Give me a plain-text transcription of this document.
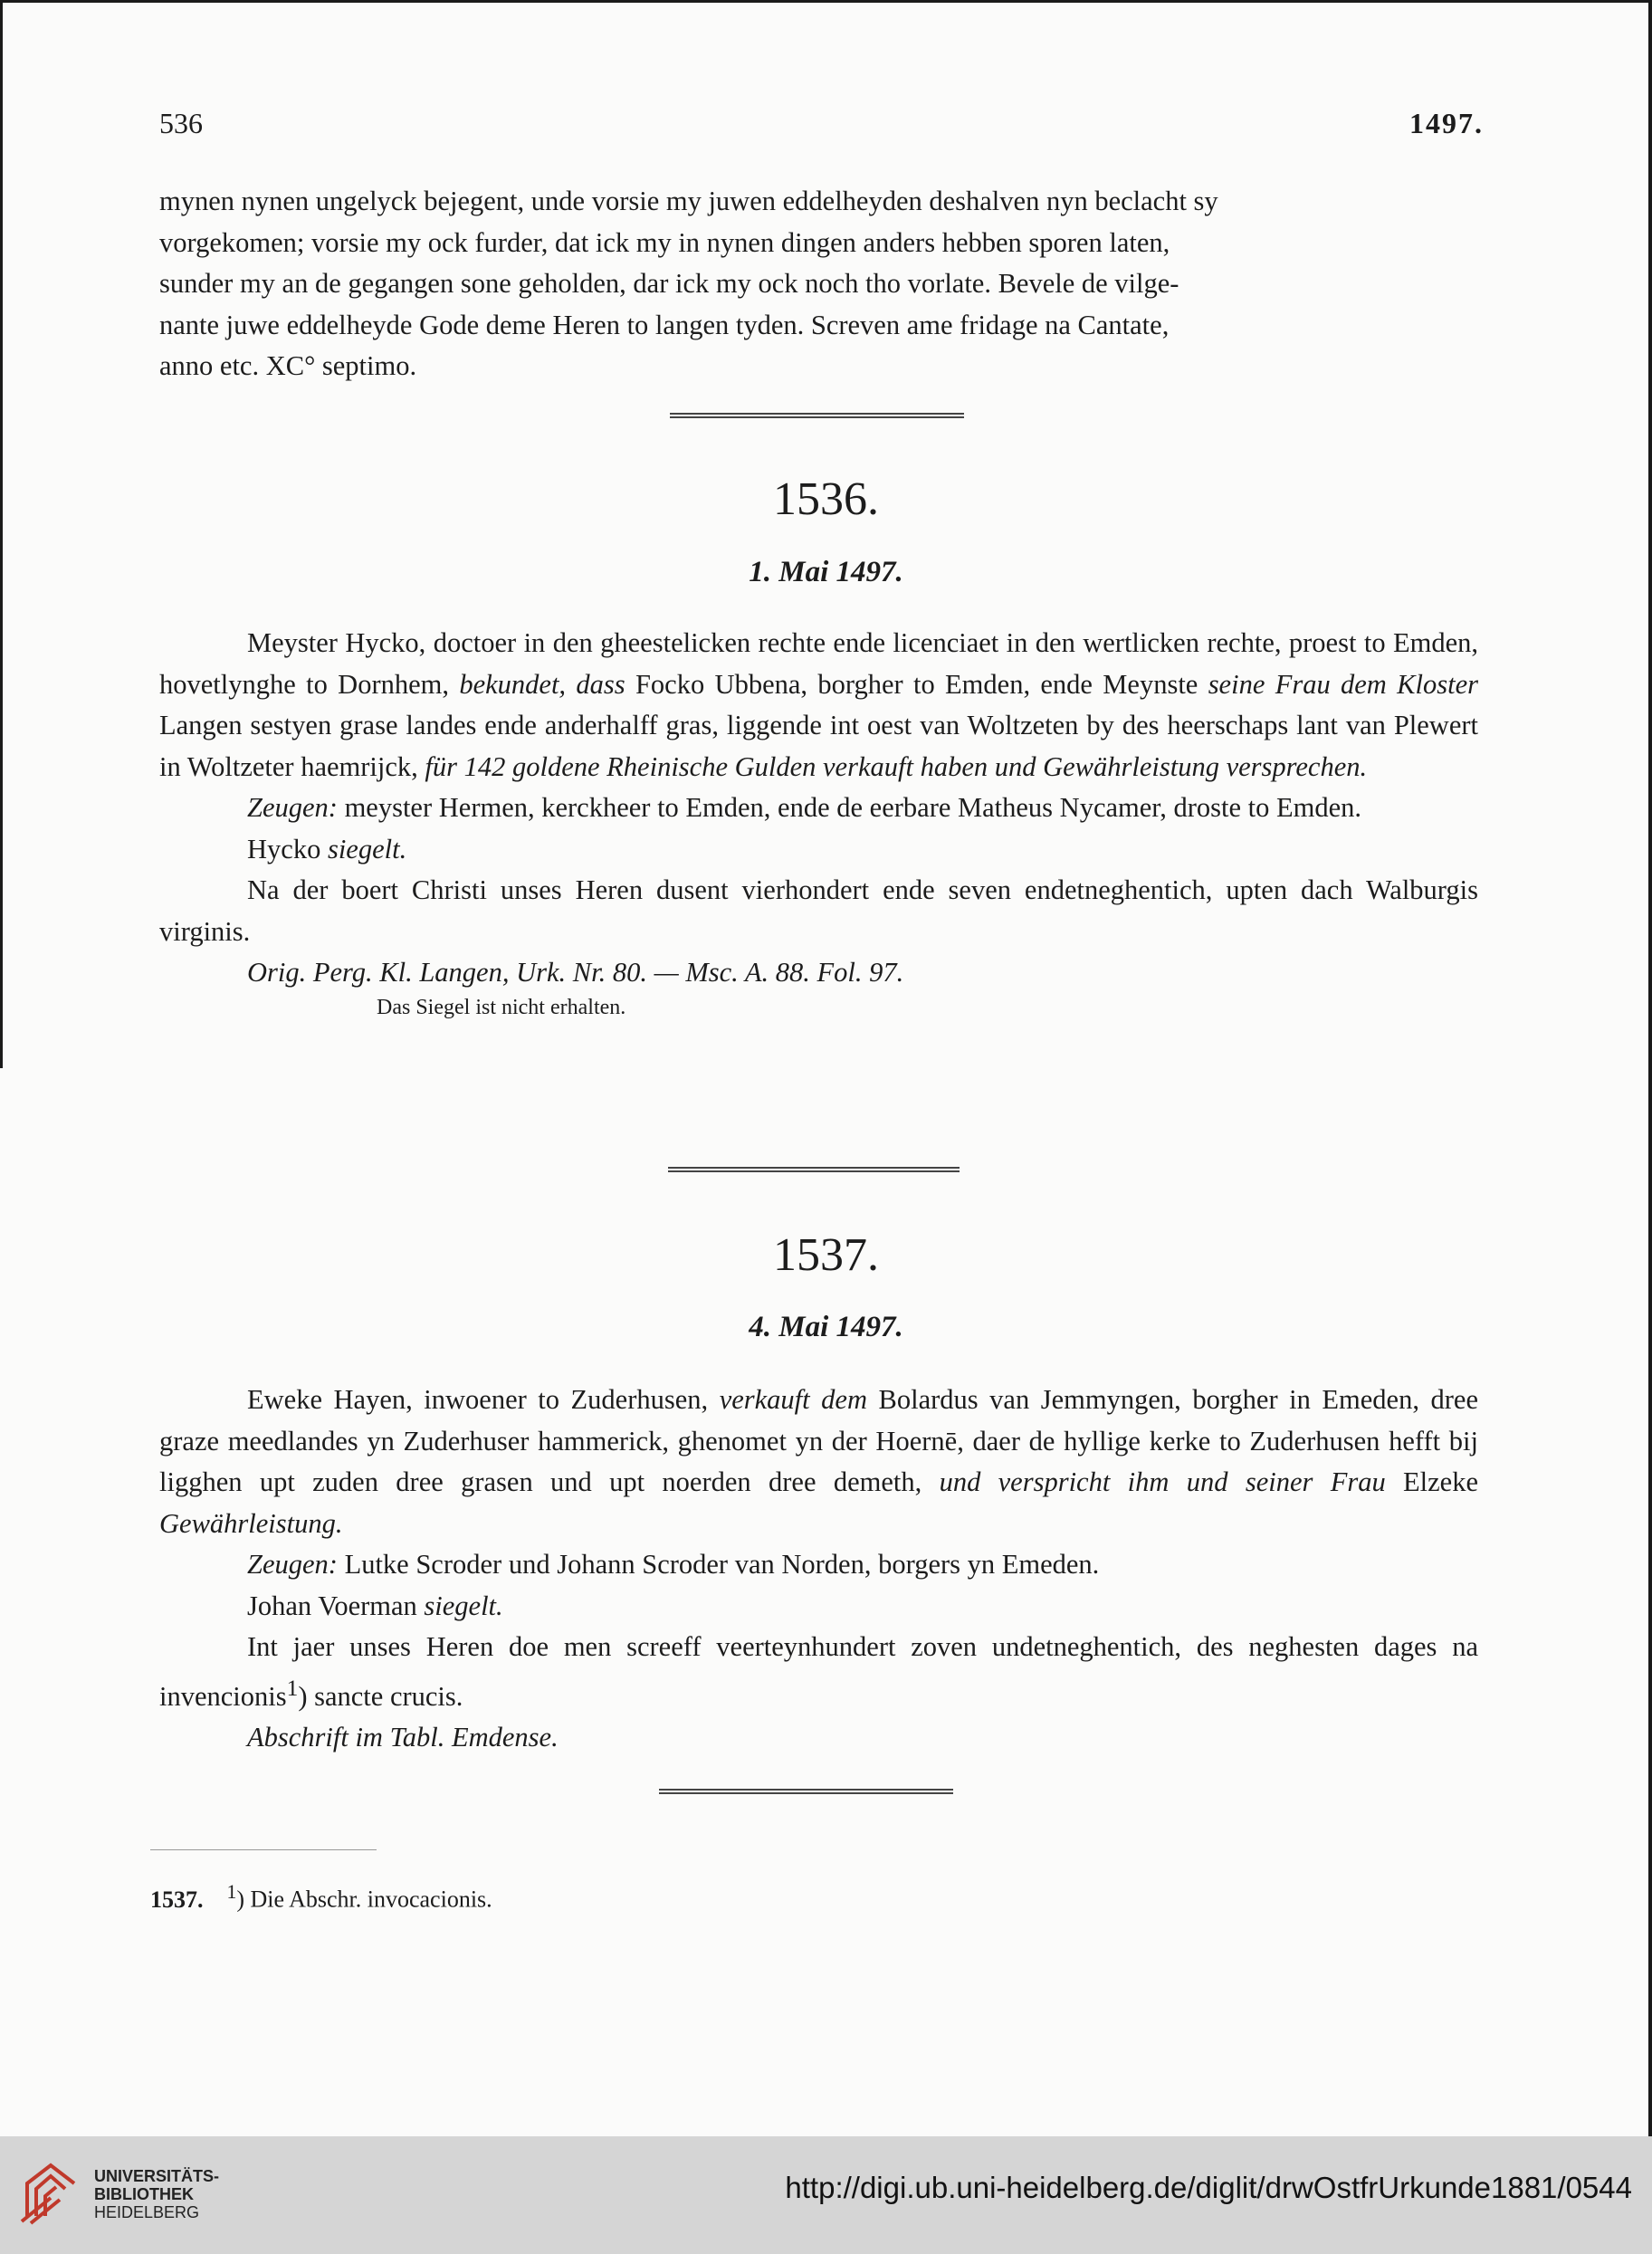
536	1497.

mynen nynen ungelyck bejegent, unde vorsie my juwen eddelheyden deshalven nyn beclacht sy

vorgekomen; vorsie my ock furder, dat ick my in nynen dingen anders hebben sporen laten,

sunder my an de gegangen sone geholden, dar ick my ock noch tho vorlate. Bevele de vilge-

nante juwe eddelheyde Gode deme Heren to langen tyden. Screven ame fridage na Cantate,

anno etc. XC° septimo.

1536.
1. Mai 1497.

Meyster Hycko, doctoer in den gheestelicken rechte ende licenciaet in den wertlicken rechte, proest to Emden, hovetlynghe to Dornhem, bekundet, dass Focko Ubbena, borgher to Emden, ende Meynste seine Frau dem Kloster Langen sestyen grase landes ende anderhalff gras, liggende int oest van Woltzeten by des heerschaps lant van Plewert in Woltzeter haemrijck, für 142 goldene Rheinische Gulden verkauft haben und Gewährleistung versprechen.

Zeugen: meyster Hermen, kerckheer to Emden, ende de eerbare Matheus Nycamer, droste to Emden.

Hycko siegelt.

Na der boert Christi unses Heren dusent vierhondert ende seven endetneghentich, upten dach Walburgis virginis.

Orig. Perg. Kl. Langen, Urk. Nr. 80. — Msc. A. 88. Fol. 97.

Das Siegel ist nicht erhalten.

1537.
4. Mai 1497.

Eweke Hayen, inwoener to Zuderhusen, verkauft dem Bolardus van Jemmyngen, borgher in Emeden, dree graze meedlandes yn Zuderhuser hammerick, ghenomet yn der Hoernē, daer de hyllige kerke to Zuderhusen hefft bij ligghen upt zuden dree grasen und upt noerden dree demeth, und verspricht ihm und seiner Frau Elzeke Gewährleistung.

Zeugen: Lutke Scroder und Johann Scroder van Norden, borgers yn Emeden.

Johan Voerman siegelt.

Int jaer unses Heren doe men screeff veerteynhundert zoven undetneghentich, des neghesten dages na invencionis$^1$) sancte crucis.

Abschrift im Tabl. Emdense.

1537. $^1$) Die Abschr. invocacionis.
UNIVERSITÄTS-
BIBLIOTHEK
HEIDELBERG
http://digi.ub.uni-heidelberg.de/diglit/drwOstfrUrkunde1881/0544
